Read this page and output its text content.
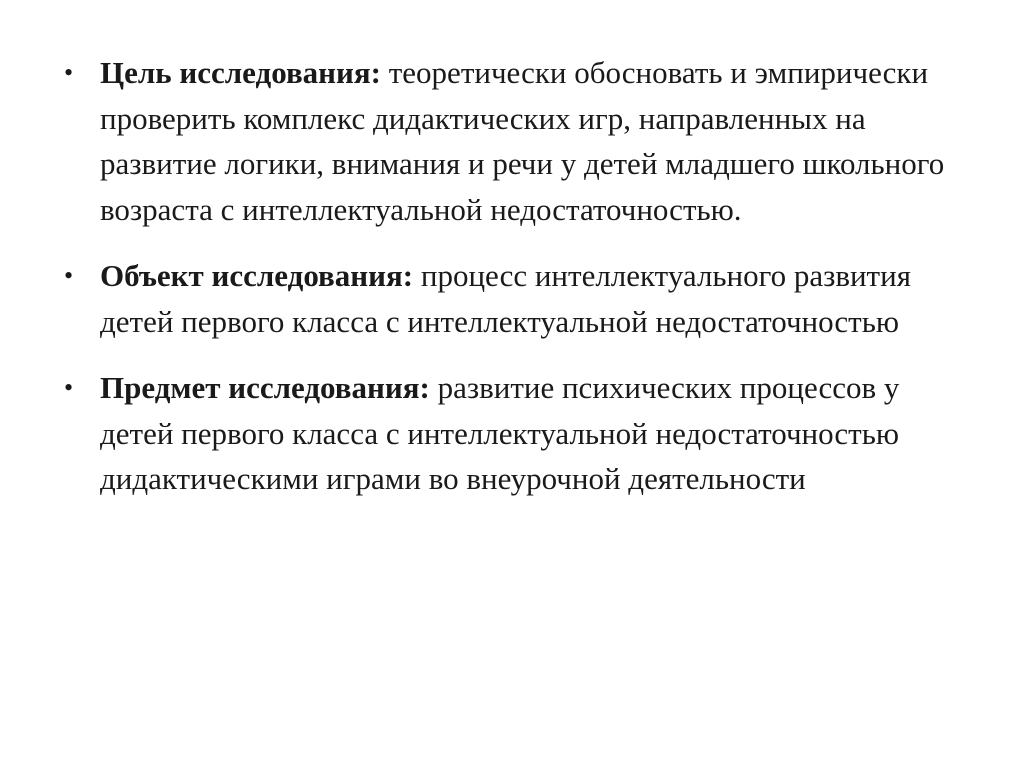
• Цель исследования: теоретически обосновать и эмпирически проверить комплекс дидактических игр, направленных на развитие логики, внимания и речи у детей младшего школьного возраста с интеллектуальной недостаточностью.
• Объект исследования: процесс интеллектуального развития детей первого класса с интеллектуальной недостаточностью
• Предмет исследования: развитие психических процессов у детей первого класса с интеллектуальной недостаточностью дидактическими играми во внеурочной деятельности
